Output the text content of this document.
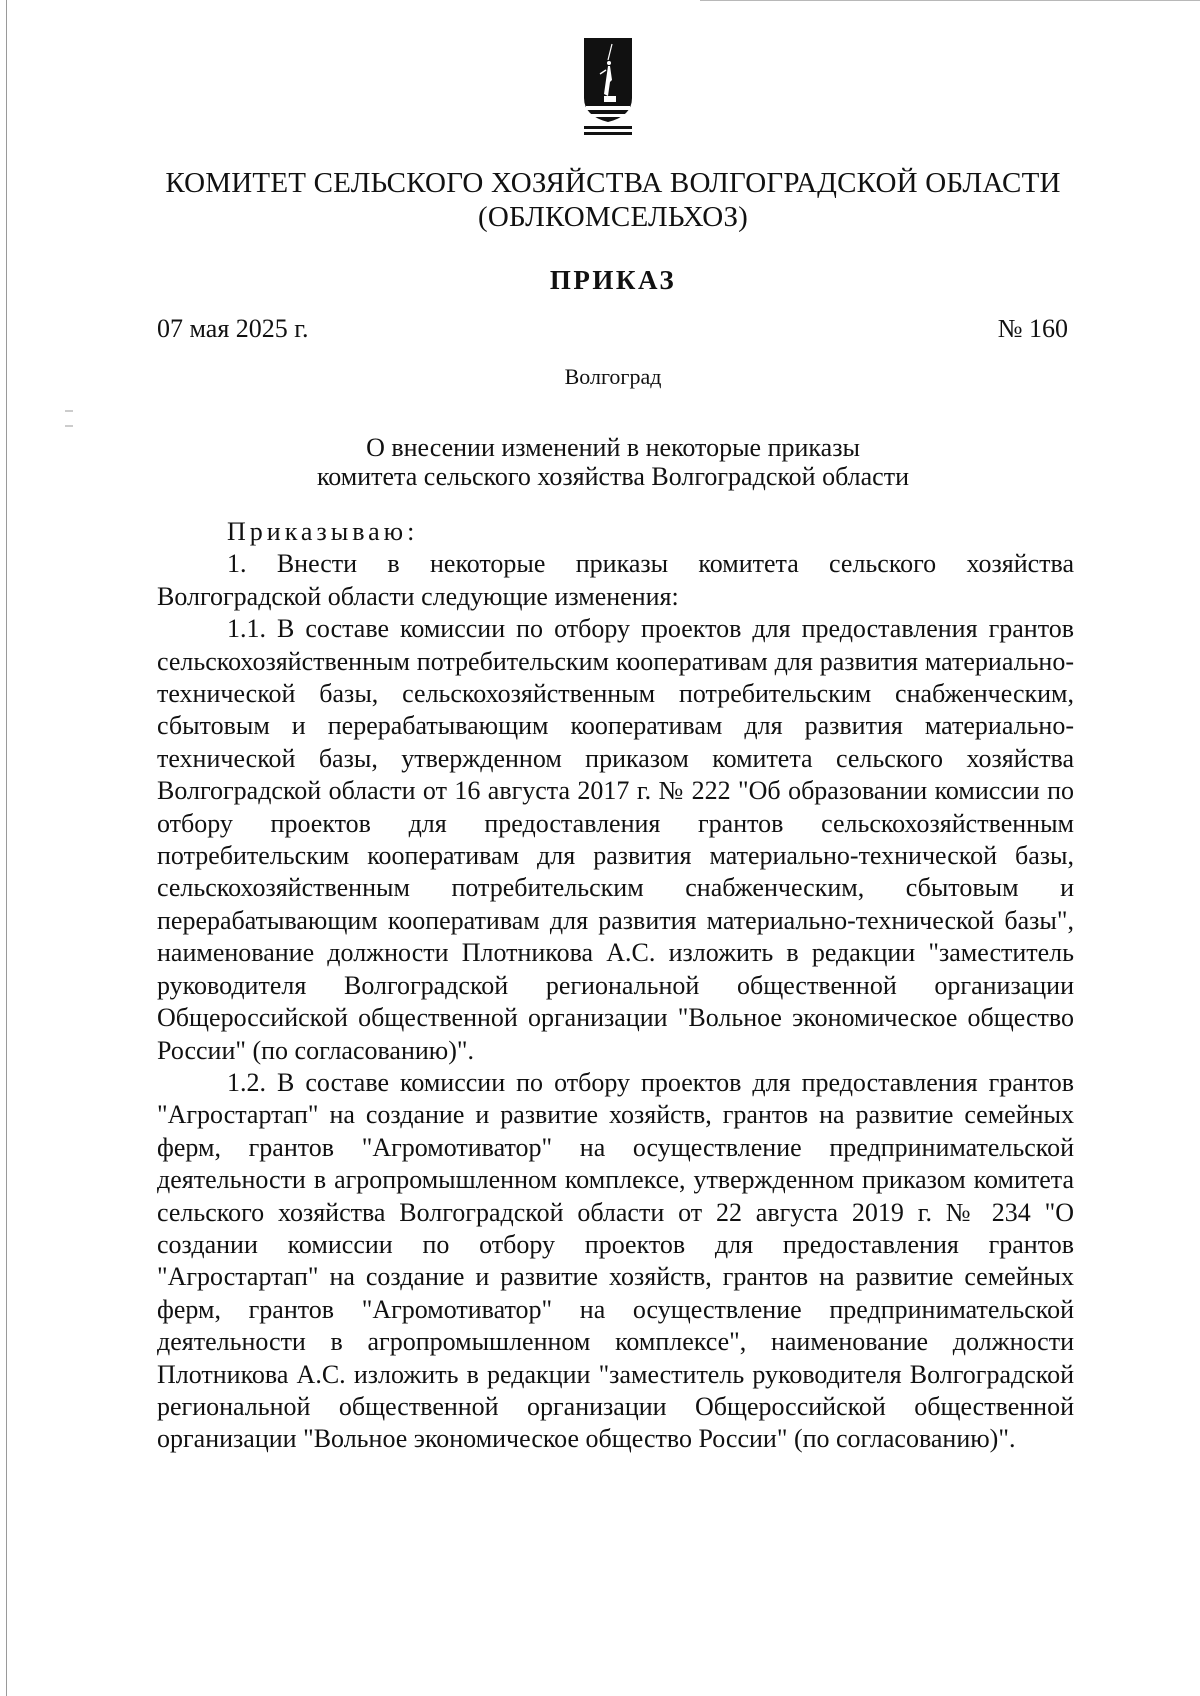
КОМИТЕТ СЕЛЬСКОГО ХОЗЯЙСТВА ВОЛГОГРАДСКОЙ ОБЛАСТИ
(ОБЛКОМСЕЛЬХОЗ)
ПРИКАЗ
07 мая 2025 г.	№ 160
Волгоград
О внесении изменений в некоторые приказы
комитета сельского хозяйства Волгоградской области

Приказываю:

1. Внести в некоторые приказы комитета сельского хозяйства Волгоградской области следующие изменения:

1.1. В составе комиссии по отбору проектов для предоставления грантов сельскохозяйственным потребительским кооперативам для развития материально-технической базы, сельскохозяйственным потребительским снабженческим, сбытовым и перерабатывающим кооперативам для развития материально-технической базы, утвержденном приказом комитета сельского хозяйства Волгоградской области от 16 августа 2017 г. № 222 "Об образовании комиссии по отбору проектов для предоставления грантов сельскохозяйственным потребительским кооперативам для развития материально-технической базы, сельскохозяйственным потребительским снабженческим, сбытовым и перерабатывающим кооперативам для развития материально-технической базы", наименование должности Плотникова А.С. изложить в редакции "заместитель руководителя Волгоградской региональной общественной организации Общероссийской общественной организации "Вольное экономическое общество России" (по согласованию)".

1.2. В составе комиссии по отбору проектов для предоставления грантов "Агростартап" на создание и развитие хозяйств, грантов на развитие семейных ферм, грантов "Агромотиватор" на осуществление предпринимательской деятельности в агропромышленном комплексе, утвержденном приказом комитета сельского хозяйства Волгоградской области от 22 августа 2019 г. № 234 "О создании комиссии по отбору проектов для предоставления грантов "Агростартап" на создание и развитие хозяйств, грантов на развитие семейных ферм, грантов "Агромотиватор" на осуществление предпринимательской деятельности в агропромышленном комплексе", наименование должности Плотникова А.С. изложить в редакции "заместитель руководителя Волгоградской региональной общественной организации Общероссийской общественной организации "Вольное экономическое общество России" (по согласованию)".
